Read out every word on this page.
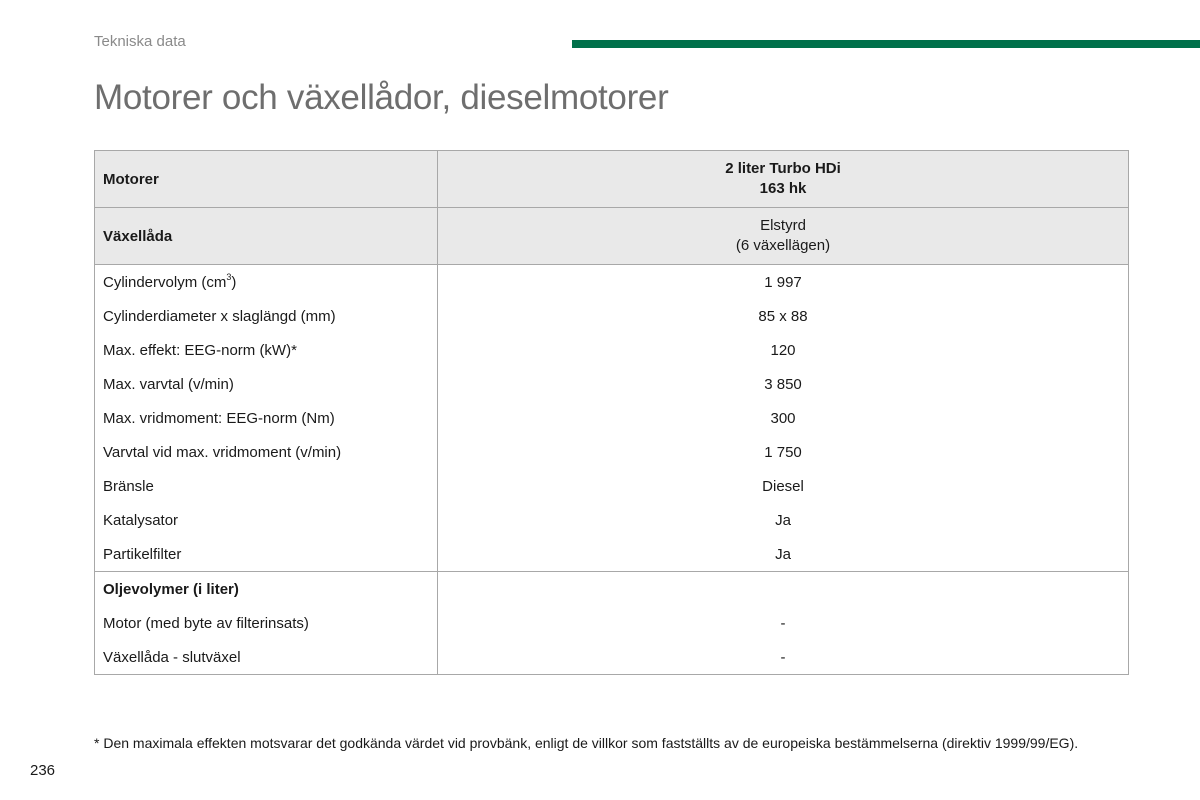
Tekniska data
Motorer och växellådor, dieselmotorer
Motorer	2 liter Turbo HDi
163 hk

Växellåda	Elstyrd
(6 växellägen)

Cylindervolym $(cm^3)$	1 997
Cylinderdiameter x slaglängd (mm)	85 x 88
Max. effekt: EEG-norm (kW)*	120
Max. varvtal (v/min)	3 850
Max. vridmoment: EEG-norm (Nm)	300
Varvtal vid max. vridmoment (v/min)	1 750
Bränsle	Diesel
Katalysator	Ja
Partikelfilter	Ja
Oljevolymer (i liter)	
Motor (med byte av filterinsats)	-
Växellåda - slutväxel	-
* Den maximala effekten motsvarar det godkända värdet vid provbänk, enligt de villkor som fastställts av de europeiska bestämmelserna (direktiv 1999/99/EG).
236
